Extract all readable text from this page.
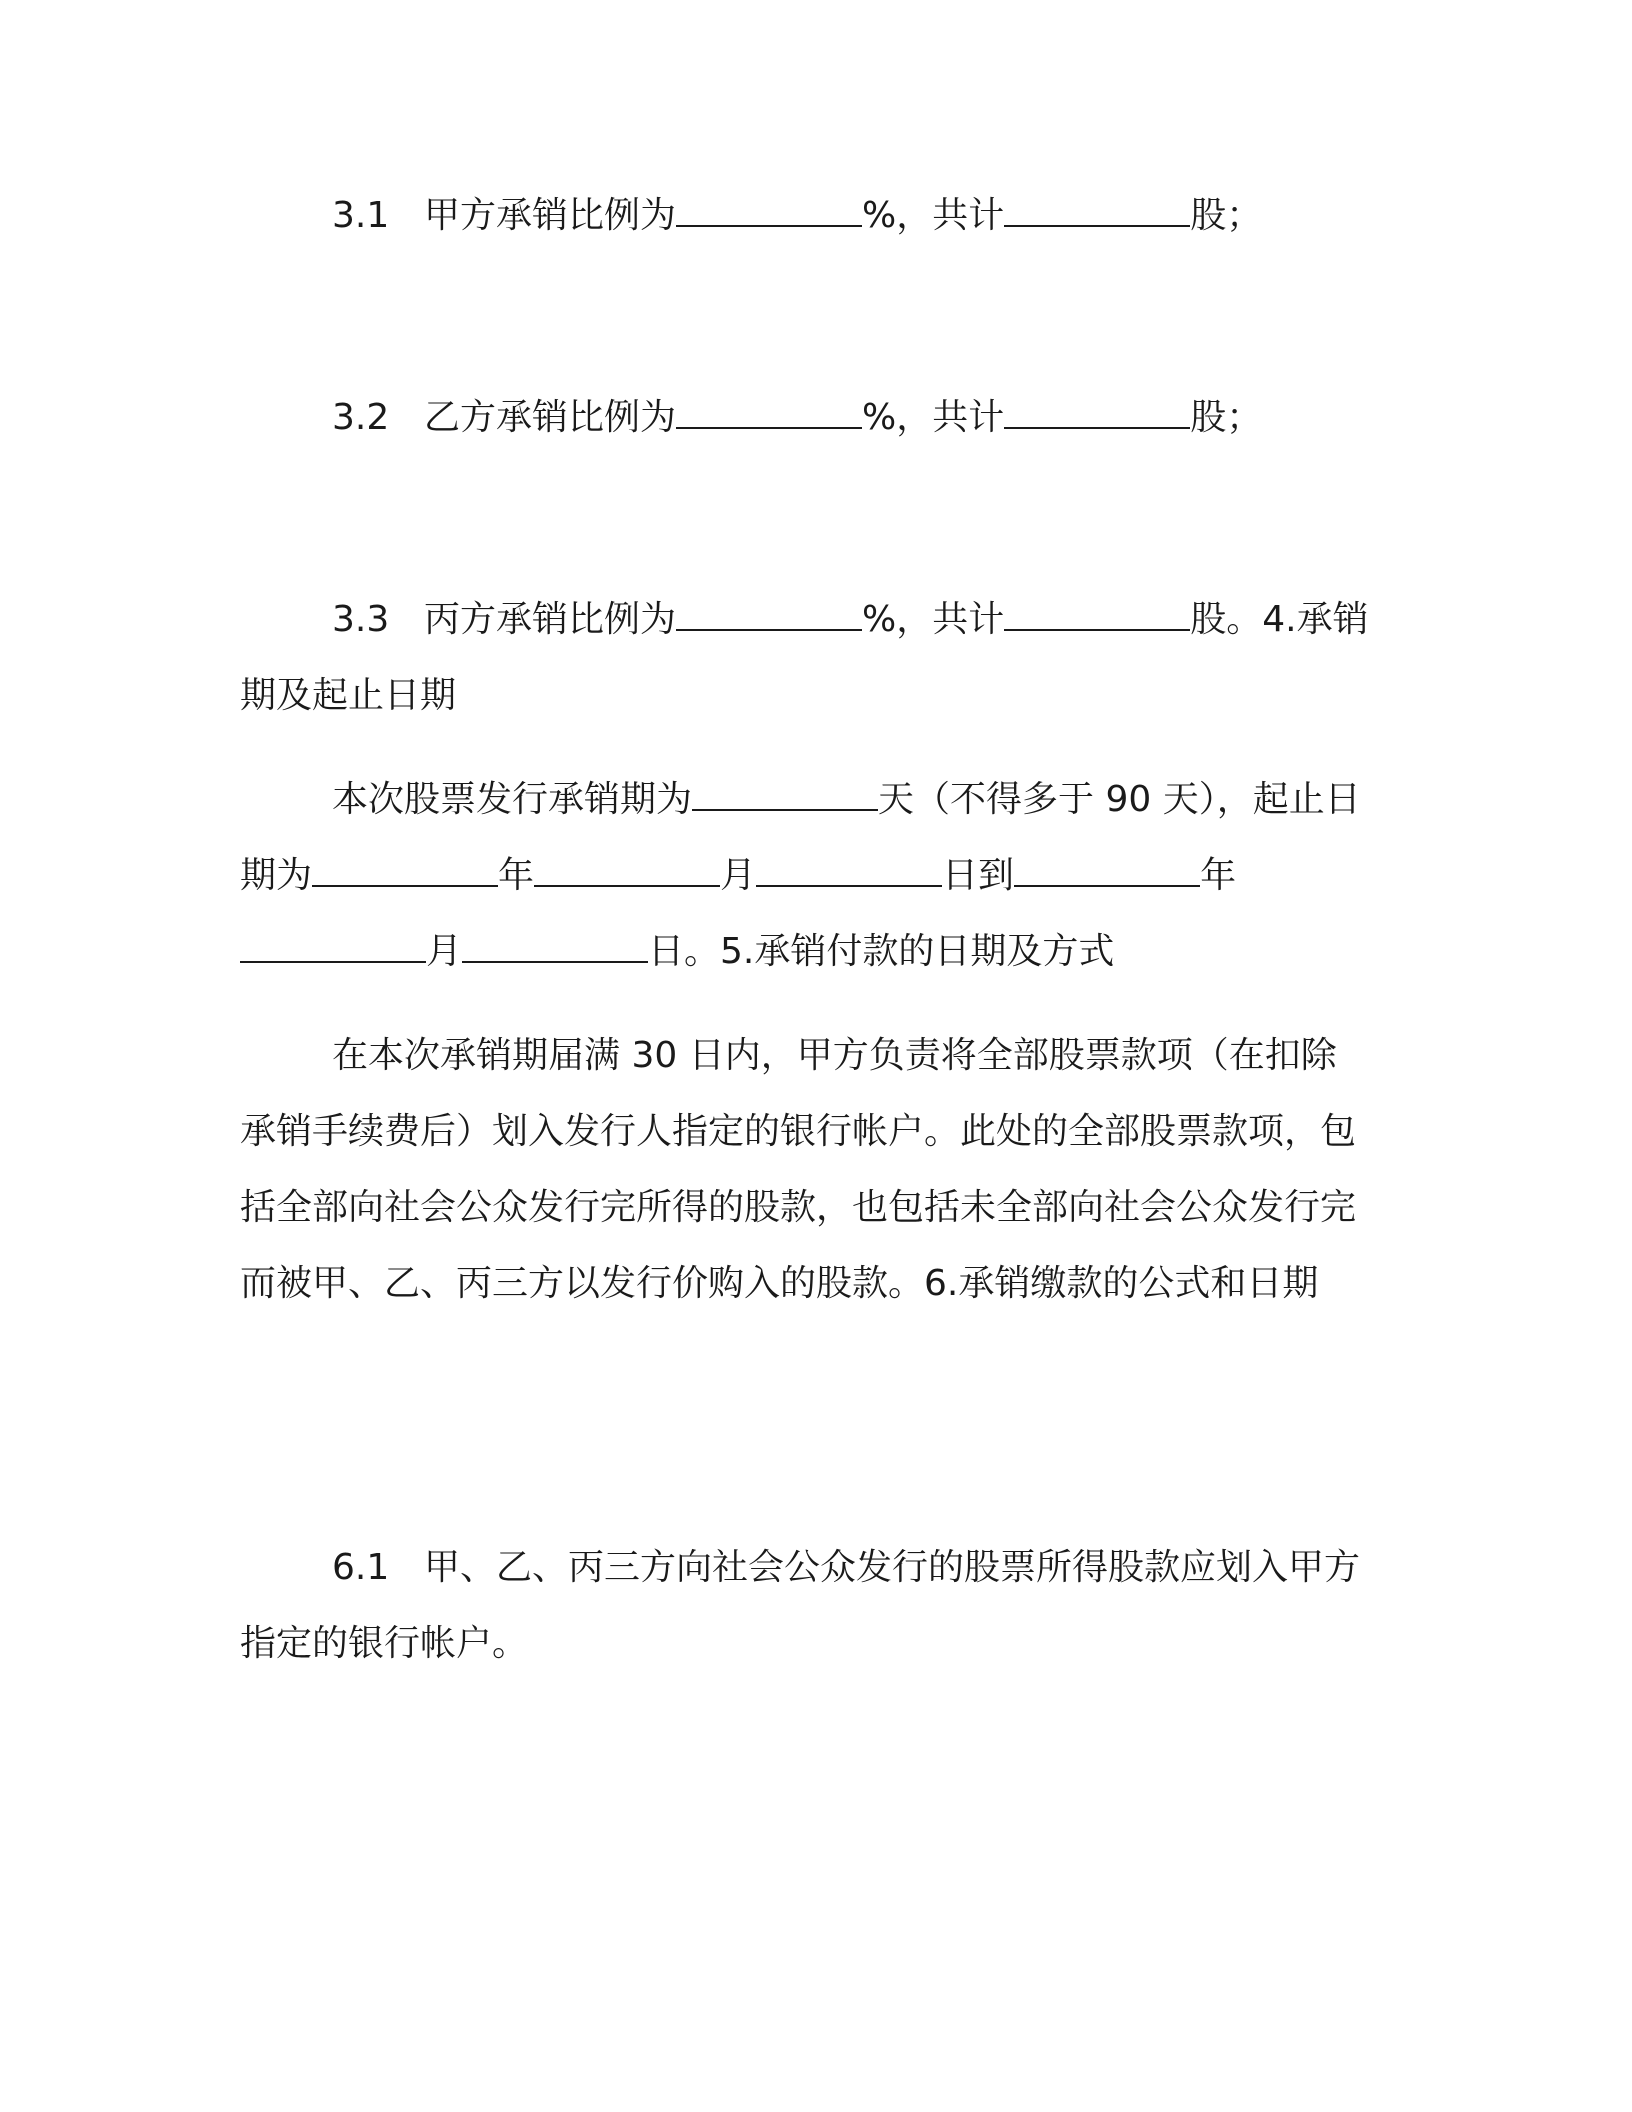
3.1 甲方承销比例为	%，共计	股；

3.2 乙方承销比例为	%，共计	股；

3.3 丙方承销比例为	%，共计	股。4.承销期及起止日期

本次股票发行承销期为	天（不得多于 90 天），起止日期为	年	月	日到	年月	日。5.承销付款的日期及方式

在本次承销期届满 30 日内，甲方负责将全部股票款项（在扣除承销手续费后）划入发行人指定的银行帐户。此处的全部股票款项，包括全部向社会公众发行完所得的股款，也包括未全部向社会公众发行完而被甲、乙、丙三方以发行价购入的股款。6.承销缴款的公式和日期

6.1 甲、乙、丙三方向社会公众发行的股票所得股款应划入甲方指定的银行帐户。
